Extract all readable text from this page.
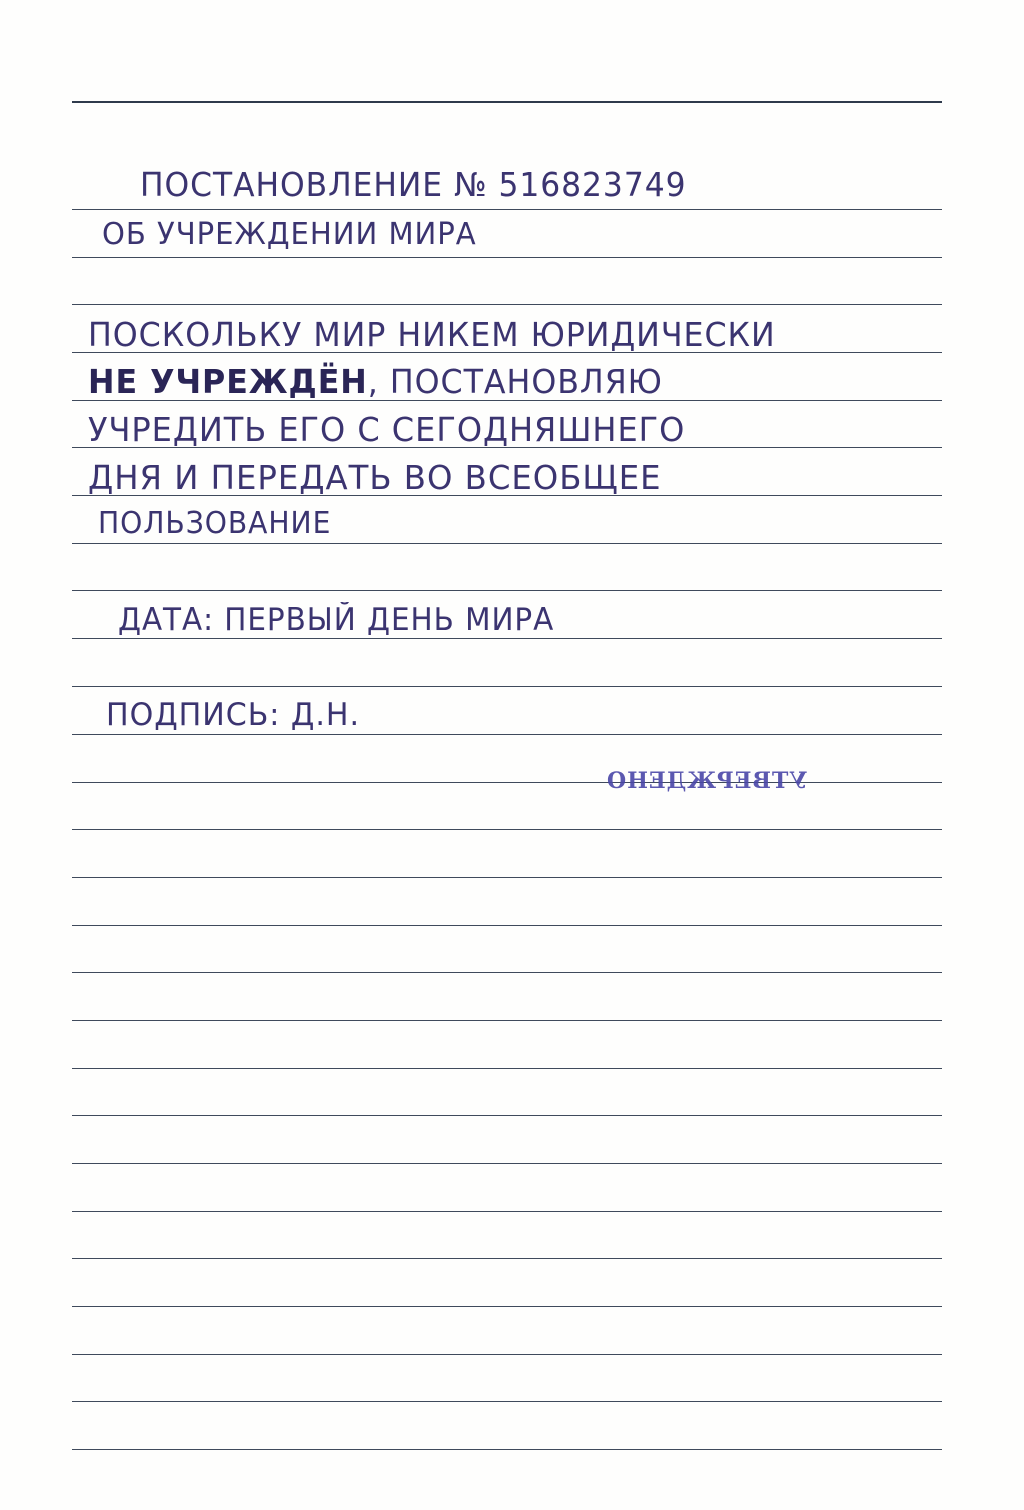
ПОСТАНОВЛЕНИЕ № 516823749
ОБ УЧРЕЖДЕНИИ МИРА
ПОСКОЛЬКУ МИР НИКЕМ ЮРИДИЧЕСКИ
НЕ УЧРЕЖДЁН, ПОСТАНОВЛЯЮ
УЧРЕДИТЬ ЕГО С СЕГОДНЯШНЕГО
ДНЯ И ПЕРЕДАТЬ ВО ВСЕОБЩЕЕ
ПОЛЬЗОВАНИЕ
ДАТА: ПЕРВЫЙ ДЕНЬ МИРА
ПОДПИСЬ: Д.Н.
УТВЕРЖДЕНО
